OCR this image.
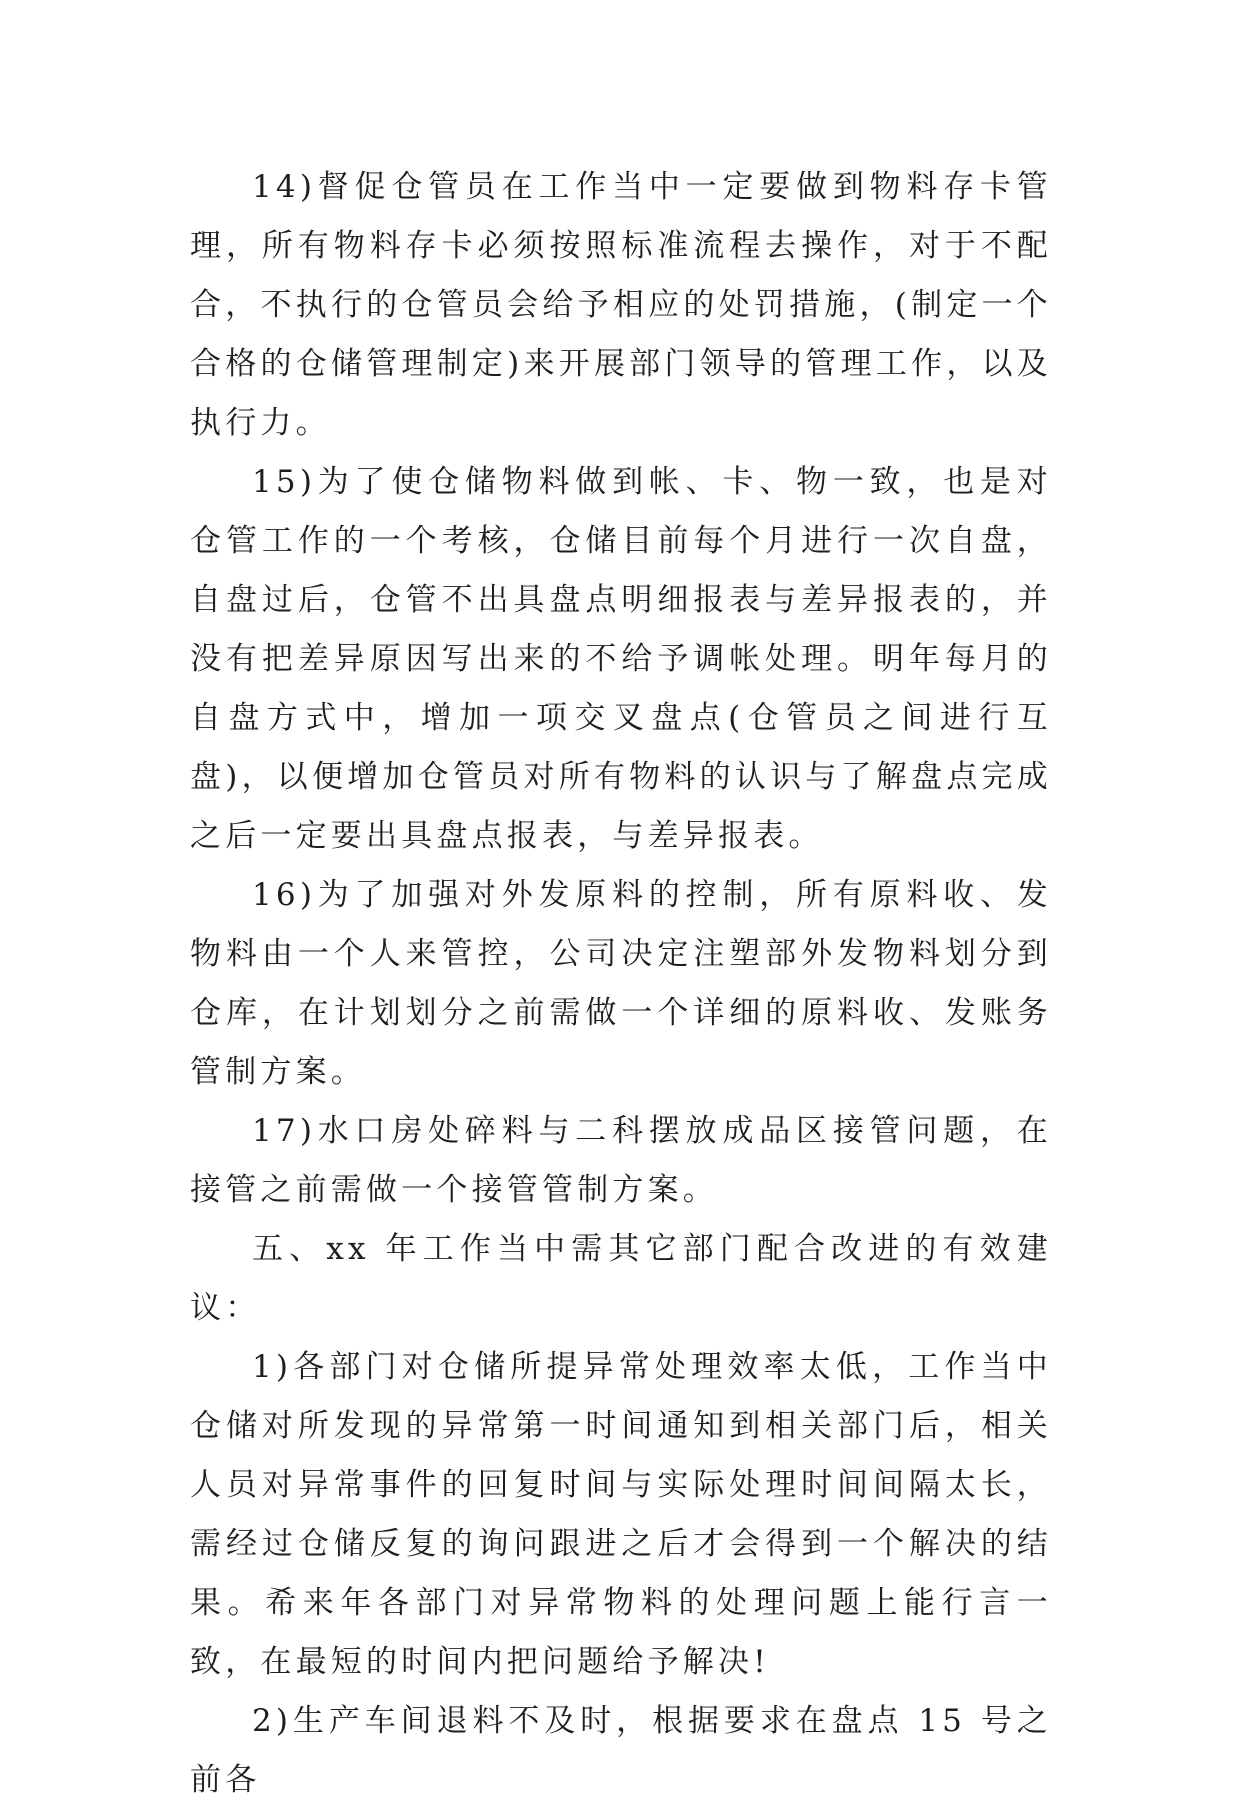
14)督促仓管员在工作当中一定要做到物料存卡管理，所有物料存卡必须按照标准流程去操作，对于不配合，不执行的仓管员会给予相应的处罚措施，(制定一个合格的仓储管理制定)来开展部门领导的管理工作，以及执行力。

15)为了使仓储物料做到帐、卡、物一致，也是对仓管工作的一个考核，仓储目前每个月进行一次自盘，自盘过后，仓管不出具盘点明细报表与差异报表的，并没有把差异原因写出来的不给予调帐处理。明年每月的自盘方式中，增加一项交叉盘点(仓管员之间进行互盘)，以便增加仓管员对所有物料的认识与了解盘点完成之后一定要出具盘点报表，与差异报表。

16)为了加强对外发原料的控制，所有原料收、发物料由一个人来管控，公司决定注塑部外发物料划分到仓库，在计划划分之前需做一个详细的原料收、发账务管制方案。

17)水口房处碎料与二科摆放成品区接管问题，在接管之前需做一个接管管制方案。

五、xx 年工作当中需其它部门配合改进的有效建议：

1)各部门对仓储所提异常处理效率太低，工作当中仓储对所发现的异常第一时间通知到相关部门后，相关人员对异常事件的回复时间与实际处理时间间隔太长，需经过仓储反复的询问跟进之后才会得到一个解决的结果。希来年各部门对异常物料的处理问题上能行言一致，在最短的时间内把问题给予解决!

2)生产车间退料不及时，根据要求在盘点 15 号之前各
